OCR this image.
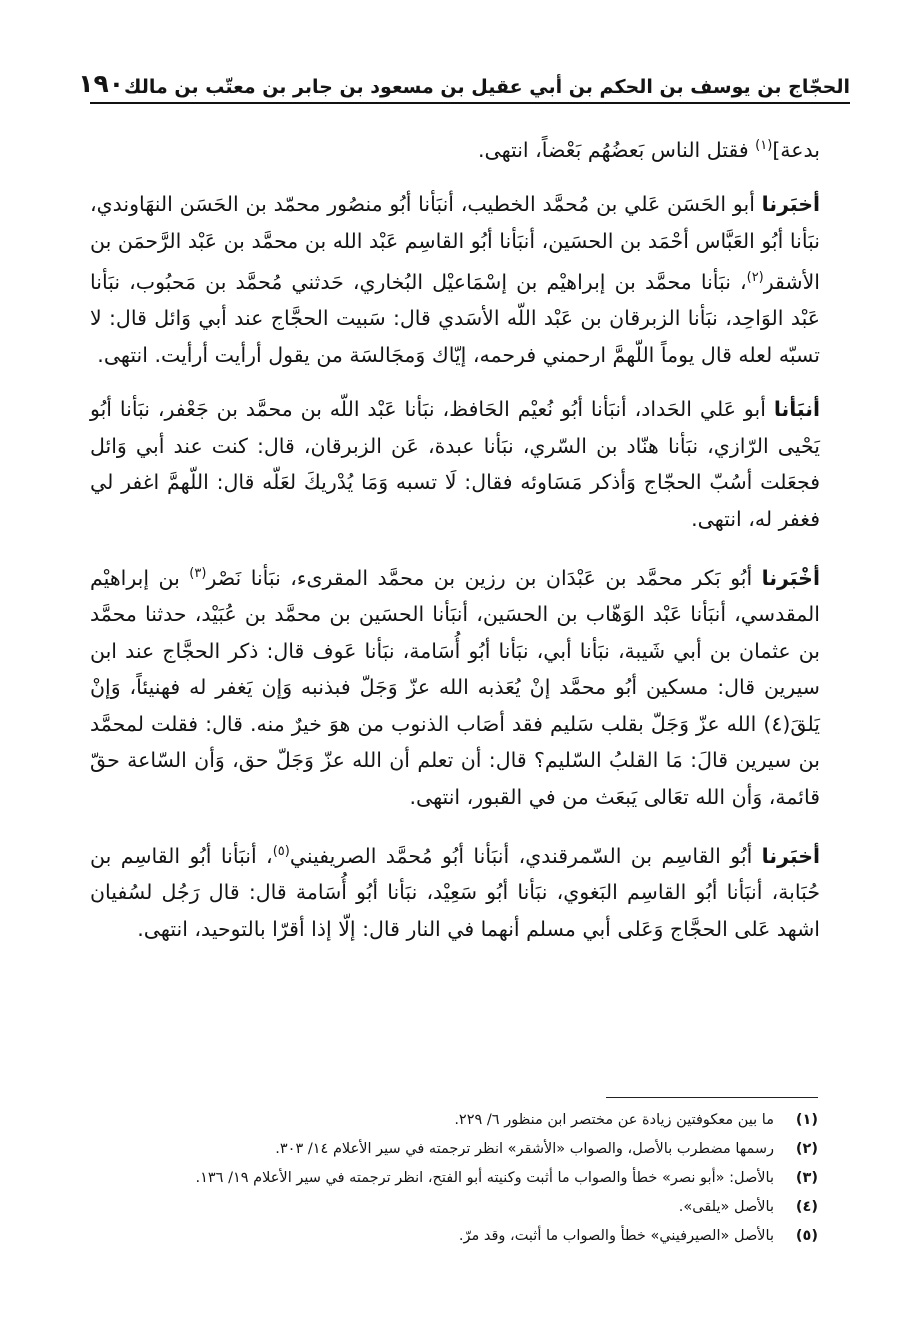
الحجّاج بن يوسف بن الحكم بن أبي عقيل بن مسعود بن جابر بن معتّب بن مالك
١٩٠

بدعة]$^{(١)}$ فقتل الناس بَعضُهُم بَعْضاً، انتهى.

أخبَرنا أبو الحَسَن عَلي بن مُحمَّد الخطيب، أنبَأنا أبُو منصُور محمّد بن الحَسَن النهَاوندي، نبَأنا أبُو العَبَّاس أحْمَد بن الحسَين، أنبَأنا أبُو القاسِم عَبْد الله بن محمَّد بن عَبْد الرَّحمَن بن الأشقر$^{(٢)}$، نبَأنا محمَّد بن إبراهيْم بن إسْمَاعيْل البُخاري، حَدثني مُحمَّد بن مَحبُوب، نبَأنا عَبْد الوَاحِد، نبَأنا الزبرقان بن عَبْد اللّه الأسَدي قال: سَبيت الحجَّاج عند أبي وَائل قال: لا تسبّه لعله قال يوماً اللّهمَّ ارحمني فرحمه، إيّاك وَمجَالسَة من يقول أرأيت أرأيت. انتهى.

أنبَأنا أبو عَلي الحَداد، أنبَأنا أبُو نُعيْم الحَافظ، نبَأنا عَبْد اللّه بن محمَّد بن جَعْفر، نبَأنا أبُو يَحْيى الرّازي، نبَأنا هنّاد بن السّري، نبَأنا عبدة، عَن الزبرقان، قال: كنت عند أبي وَائل فجعَلت أسُبّ الحجّاج وَأذكر مَسَاوئه فقال: لَا تسبه وَمَا يُدْريكَ لعَلّه قال: اللّهمَّ اغفر لي فغفر له، انتهى.

أخْبَرنا أبُو بَكر محمَّد بن عَبْدَان بن رزين بن محمَّد المقرىء، نبَأنا نَصْر$^{(٣)}$ بن إبراهيْم المقدسي، أنبَأنا عَبْد الوَهّاب بن الحسَين، أنبَأنا الحسَين بن محمَّد بن عُبَيْد، حدثنا محمَّد بن عثمان بن أبي شَيبة، نبَأنا أبي، نبَأنا أبُو أُسَامة، نبَأنا عَوف قال: ذكر الحجَّاج عند ابن سيرين قال: مسكين أبُو محمَّد إنْ يُعَذبه الله عزّ وَجَلّ فبذنبه وَإن يَغفر له فهنيئاً، وَإنْ يَلقَ(٤) الله عزّ وَجَلّ بقلب سَليم فقد أصَاب الذنوب من هوَ خيرٌ منه. قال: فقلت لمحمَّد بن سيرين قالَ: مَا القلبُ السّليم؟ قال: أن تعلم أن الله عزّ وَجَلّ حق، وَأن السّاعة حقّ قائمة، وَأن الله تعَالى يَبعَث من في القبور، انتهى.

أخبَرنا أبُو القاسِم بن السّمرقندي، أنبَأنا أبُو مُحمَّد الصريفيني$^{(٥)}$، أنبَأنا أبُو القاسِم بن حُبَابة، أنبَأنا أبُو القاسِم البَغوي، نبَأنا أبُو سَعِيْد، نبَأنا أبُو أُسَامة قال: قال رَجُل لسُفيان اشهد عَلى الحجَّاج وَعَلى أبي مسلم أنهما في النار قال: إلّا إذا أقرّا بالتوحيد، انتهى.

(١)
ما بين معكوفتين زيادة عن مختصر ابن منظور ٦/ ٢٢٩.
(٢)
رسمها مضطرب بالأصل، والصواب «الأشقر» انظر ترجمته في سير الأعلام ١٤/ ٣٠٣.
(٣)
بالأصل: «أبو نصر» خطأ والصواب ما أثبت وكنيته أبو الفتح، انظر ترجمته في سير الأعلام ١٩/ ١٣٦.
(٤)
بالأصل «يلقى».
(٥)
بالأصل «الصيرفيني» خطأ والصواب ما أثبت، وقد مرّ.
